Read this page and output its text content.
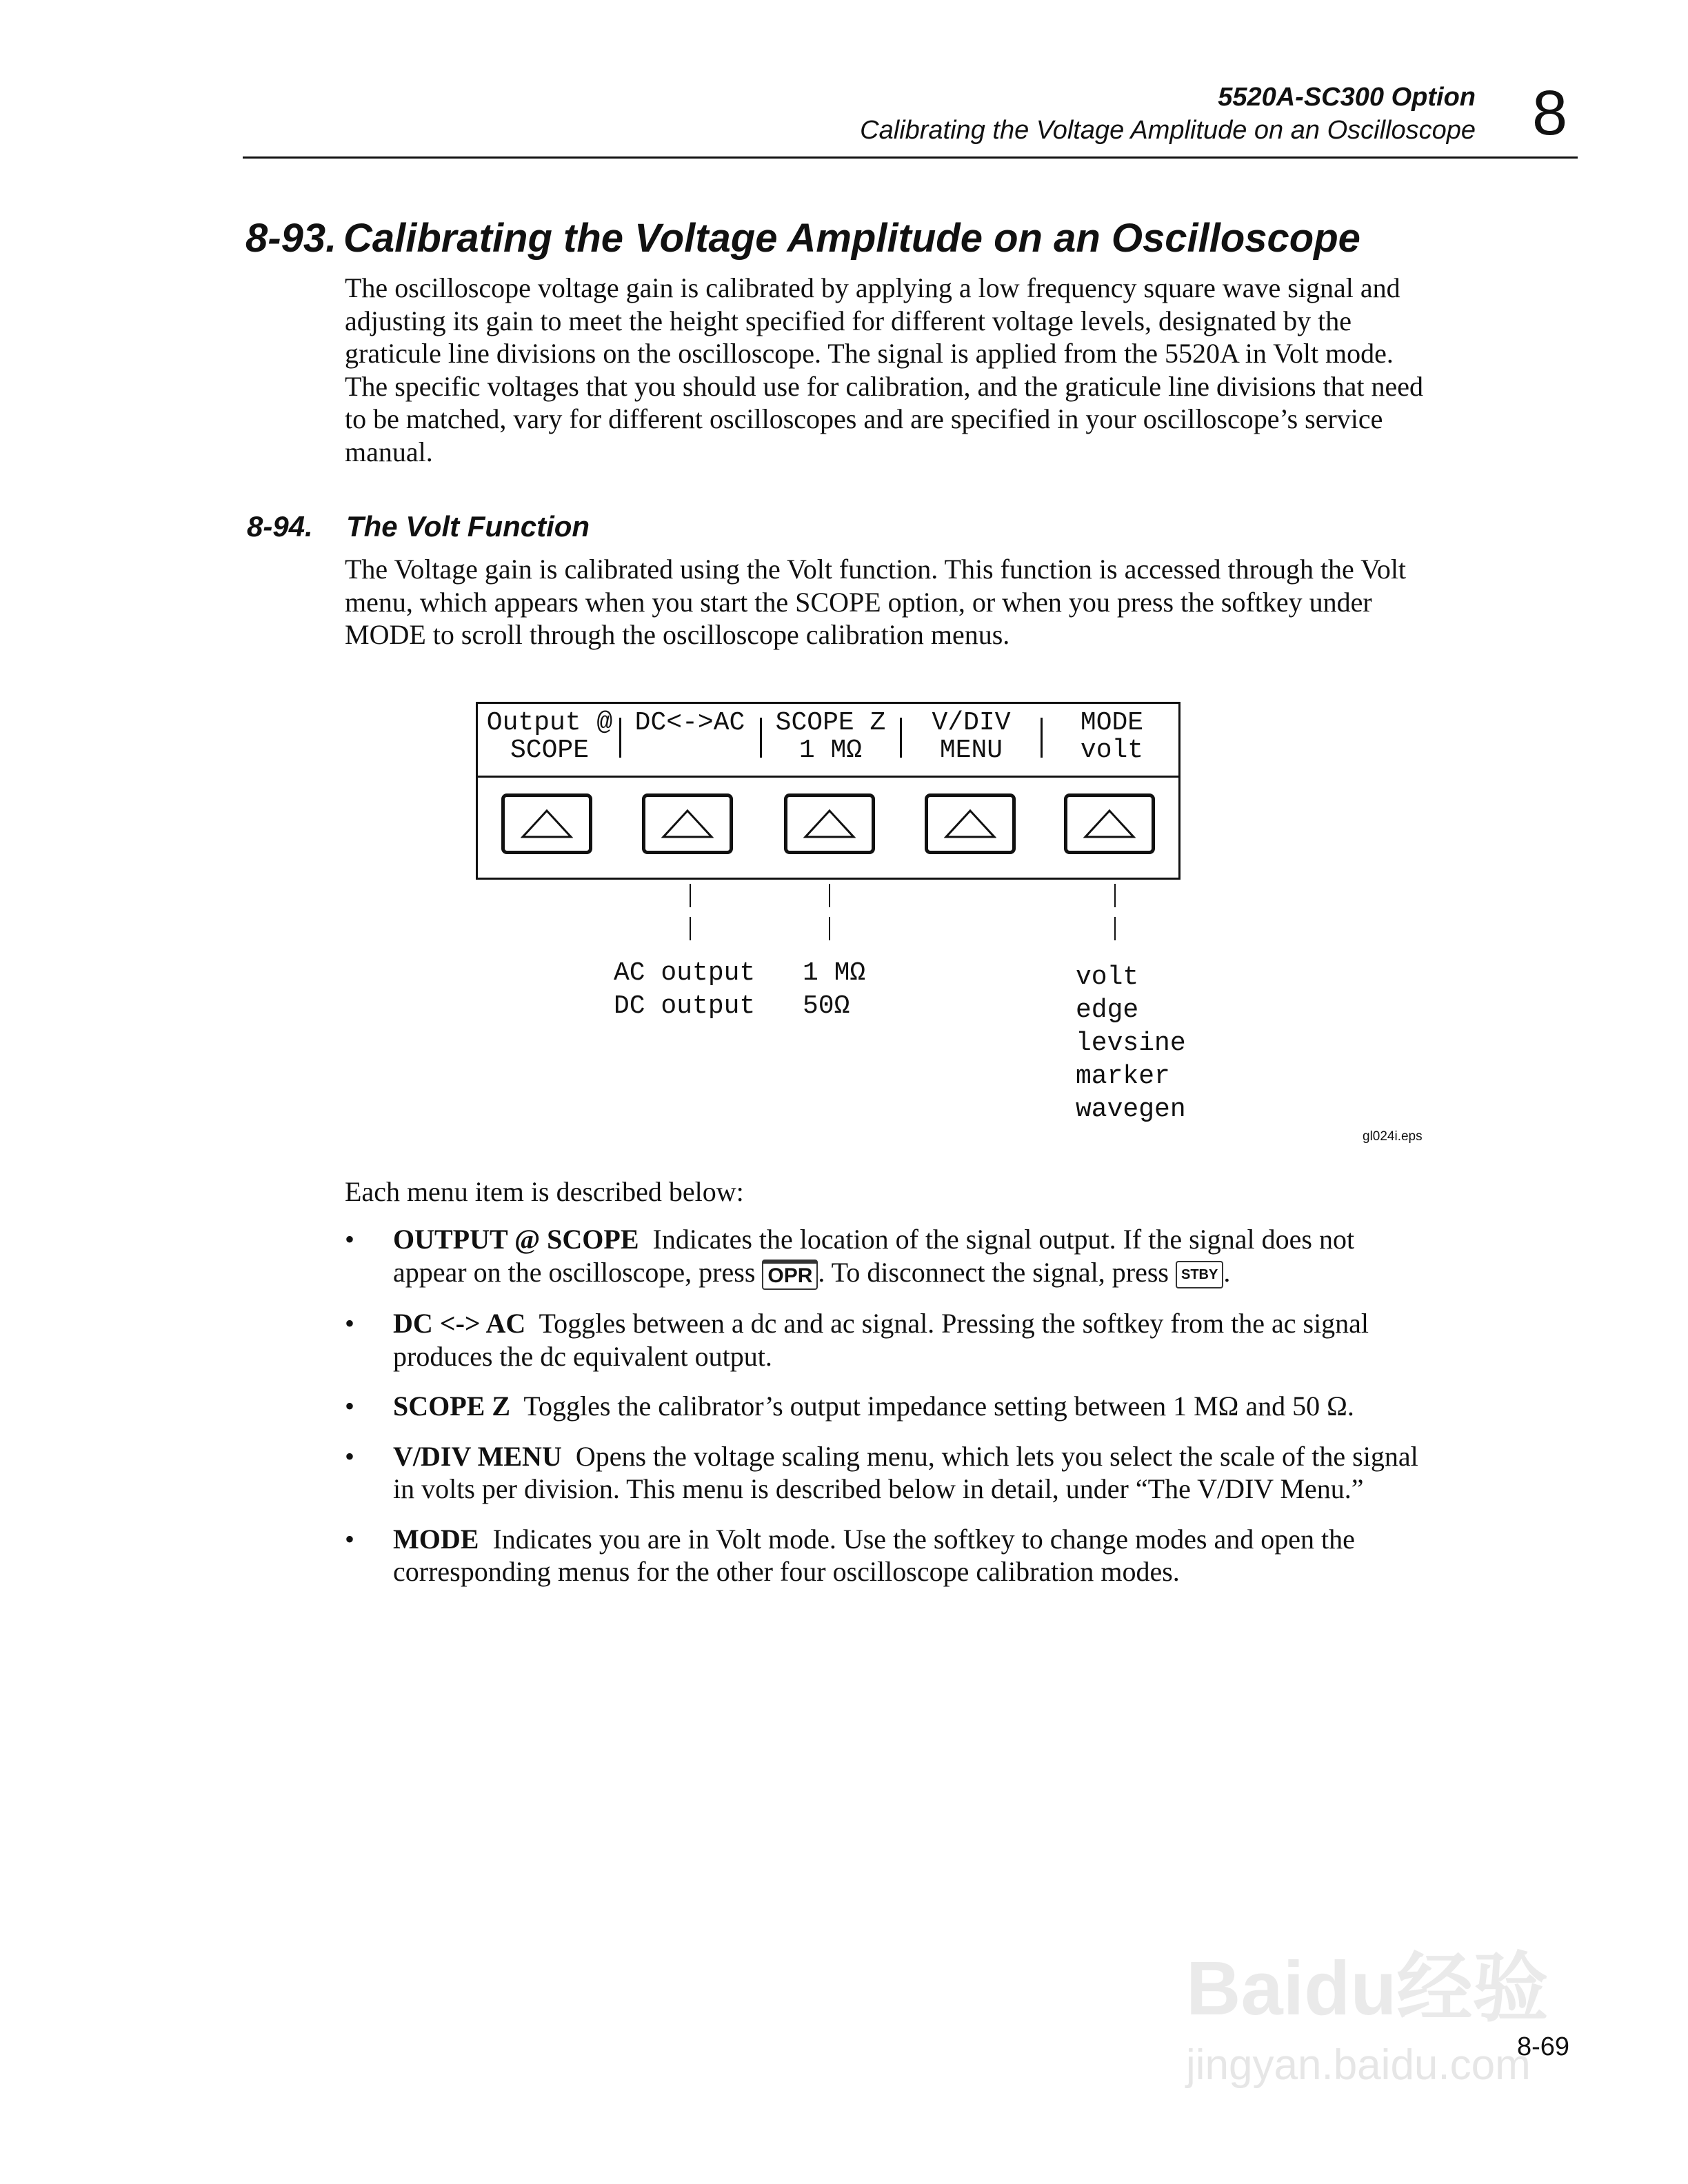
5520A-SC300 Option
Calibrating the Voltage Amplitude on an Oscilloscope 8
8-93. Calibrating the Voltage Amplitude on an Oscilloscope
The oscilloscope voltage gain is calibrated by applying a low frequency square wave signal and adjusting its gain to meet the height specified for different voltage levels, designated by the graticule line divisions on the oscilloscope. The signal is applied from the 5520A in Volt mode. The specific voltages that you should use for calibration, and the graticule line divisions that need to be matched, vary for different oscilloscopes and are specified in your oscilloscope’s service manual.
8-94. The Volt Function
The Voltage gain is calibrated using the Volt function. This function is accessed through the Volt menu, which appears when you start the SCOPE option, or when you press the softkey under MODE to scroll through the oscilloscope calibration menus.
Output @
SCOPE
DC<->AC	SCOPE Z
1 MΩ
V/DIV
MENU
MODE
volt
AC output
DC output
1 MΩ
50Ω
volt
edge
levsine
marker
wavegen
gl024i.eps
Each menu item is described below:
• OUTPUT @ SCOPE Indicates the location of the signal output. If the signal does not appear on the oscilloscope, press OPR . To disconnect the signal, press STBY .
• DC <-> AC Toggles between a dc and ac signal. Pressing the softkey from the ac signal produces the dc equivalent output.
• SCOPE Z Toggles the calibrator’s output impedance setting between 1 MΩ and 50 Ω.
• V/DIV MENU Opens the voltage scaling menu, which lets you select the scale of the signal in volts per division. This menu is described below in detail, under “The V/DIV Menu.”
• MODE Indicates you are in Volt mode. Use the softkey to change modes and open the corresponding menus for the other four oscilloscope calibration modes.
Baidu经验
jingyan.baidu.com
8-69
